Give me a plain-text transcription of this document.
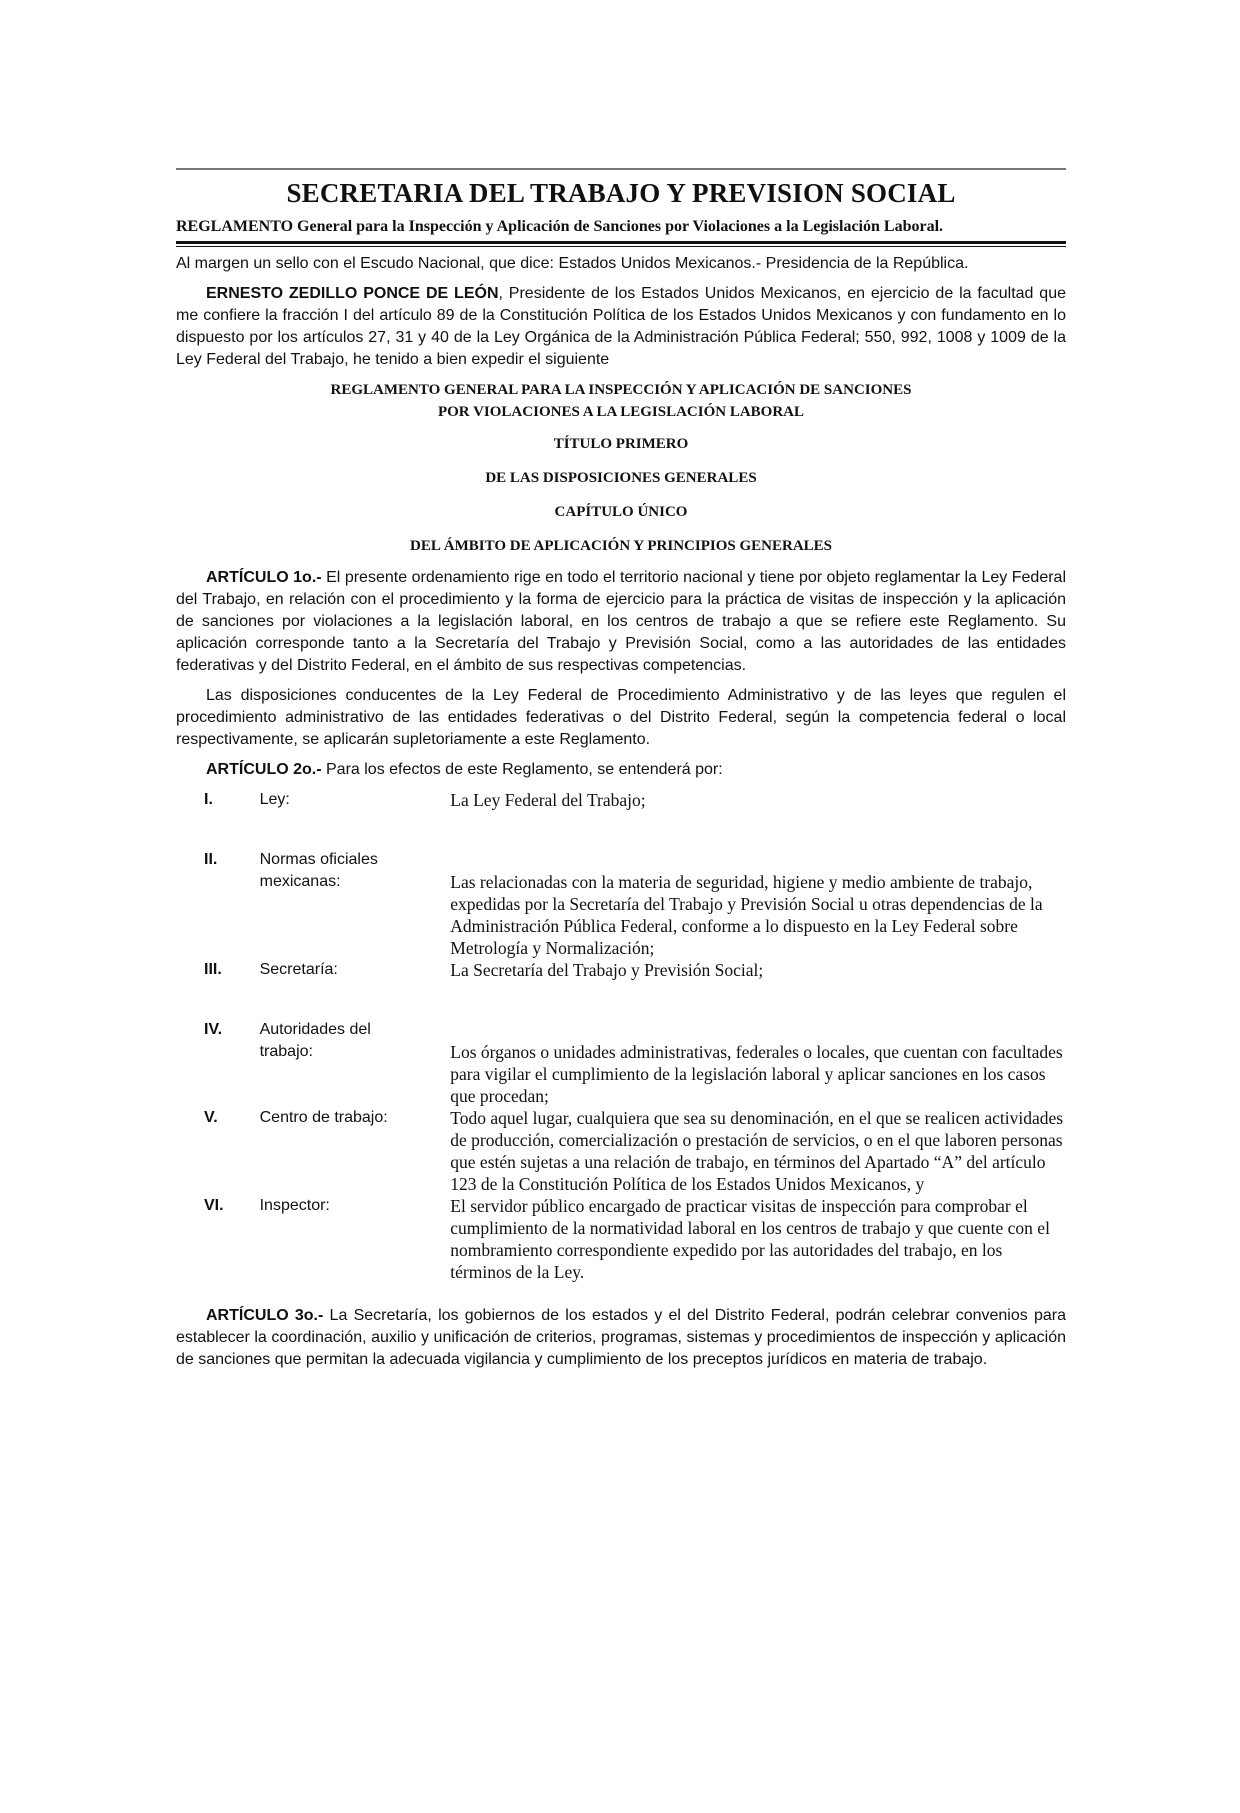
SECRETARIA DEL TRABAJO Y PREVISION SOCIAL
REGLAMENTO General para la Inspección y Aplicación de Sanciones por Violaciones a la Legislación Laboral.

Al margen un sello con el Escudo Nacional, que dice: Estados Unidos Mexicanos.- Presidencia de la República.

ERNESTO ZEDILLO PONCE DE LEÓN, Presidente de los Estados Unidos Mexicanos, en ejercicio de la facultad que me confiere la fracción I del artículo 89 de la Constitución Política de los Estados Unidos Mexicanos y con fundamento en lo dispuesto por los artículos 27, 31 y 40 de la Ley Orgánica de la Administración Pública Federal; 550, 992, 1008 y 1009 de la Ley Federal del Trabajo, he tenido a bien expedir el siguiente

REGLAMENTO GENERAL PARA LA INSPECCIÓN Y APLICACIÓN DE SANCIONES
POR VIOLACIONES A LA LEGISLACIÓN LABORAL
TÍTULO PRIMERO
DE LAS DISPOSICIONES GENERALES
CAPÍTULO ÚNICO
DEL ÁMBITO DE APLICACIÓN Y PRINCIPIOS GENERALES

ARTÍCULO 1o.- El presente ordenamiento rige en todo el territorio nacional y tiene por objeto reglamentar la Ley Federal del Trabajo, en relación con el procedimiento y la forma de ejercicio para la práctica de visitas de inspección y la aplicación de sanciones por violaciones a la legislación laboral, en los centros de trabajo a que se refiere este Reglamento. Su aplicación corresponde tanto a la Secretaría del Trabajo y Previsión Social, como a las autoridades de las entidades federativas y del Distrito Federal, en el ámbito de sus respectivas competencias.

Las disposiciones conducentes de la Ley Federal de Procedimiento Administrativo y de las leyes que regulen el procedimiento administrativo de las entidades federativas o del Distrito Federal, según la competencia federal o local respectivamente, se aplicarán supletoriamente a este Reglamento.

ARTÍCULO 2o.- Para los efectos de este Reglamento, se entenderá por:

I.	Ley:	La Ley Federal del Trabajo;
II.	Normas oficiales
mexicanas:	Las relacionadas con la materia de seguridad, higiene y medio ambiente de trabajo, expedidas por la Secretaría del Trabajo y Previsión Social u otras dependencias de la Administración Pública Federal, conforme a lo dispuesto en la Ley Federal sobre Metrología y Normalización;
III.	Secretaría:	La Secretaría del Trabajo y Previsión Social;
IV.	Autoridades del
trabajo:	Los órganos o unidades administrativas, federales o locales, que cuentan con facultades para vigilar el cumplimiento de la legislación laboral y aplicar sanciones en los casos que procedan;
V.	Centro de trabajo:	Todo aquel lugar, cualquiera que sea su denominación, en el que se realicen actividades de producción, comercialización o prestación de servicios, o en el que laboren personas que estén sujetas a una relación de trabajo, en términos del Apartado “A” del artículo 123 de la Constitución Política de los Estados Unidos Mexicanos, y
VI.	Inspector:	El servidor público encargado de practicar visitas de inspección para comprobar el cumplimiento de la normatividad laboral en los centros de trabajo y que cuente con el nombramiento correspondiente expedido por las autoridades del trabajo, en los términos de la Ley.

ARTÍCULO 3o.- La Secretaría, los gobiernos de los estados y el del Distrito Federal, podrán celebrar convenios para establecer la coordinación, auxilio y unificación de criterios, programas, sistemas y procedimientos de inspección y aplicación de sanciones que permitan la adecuada vigilancia y cumplimiento de los preceptos jurídicos en materia de trabajo.
